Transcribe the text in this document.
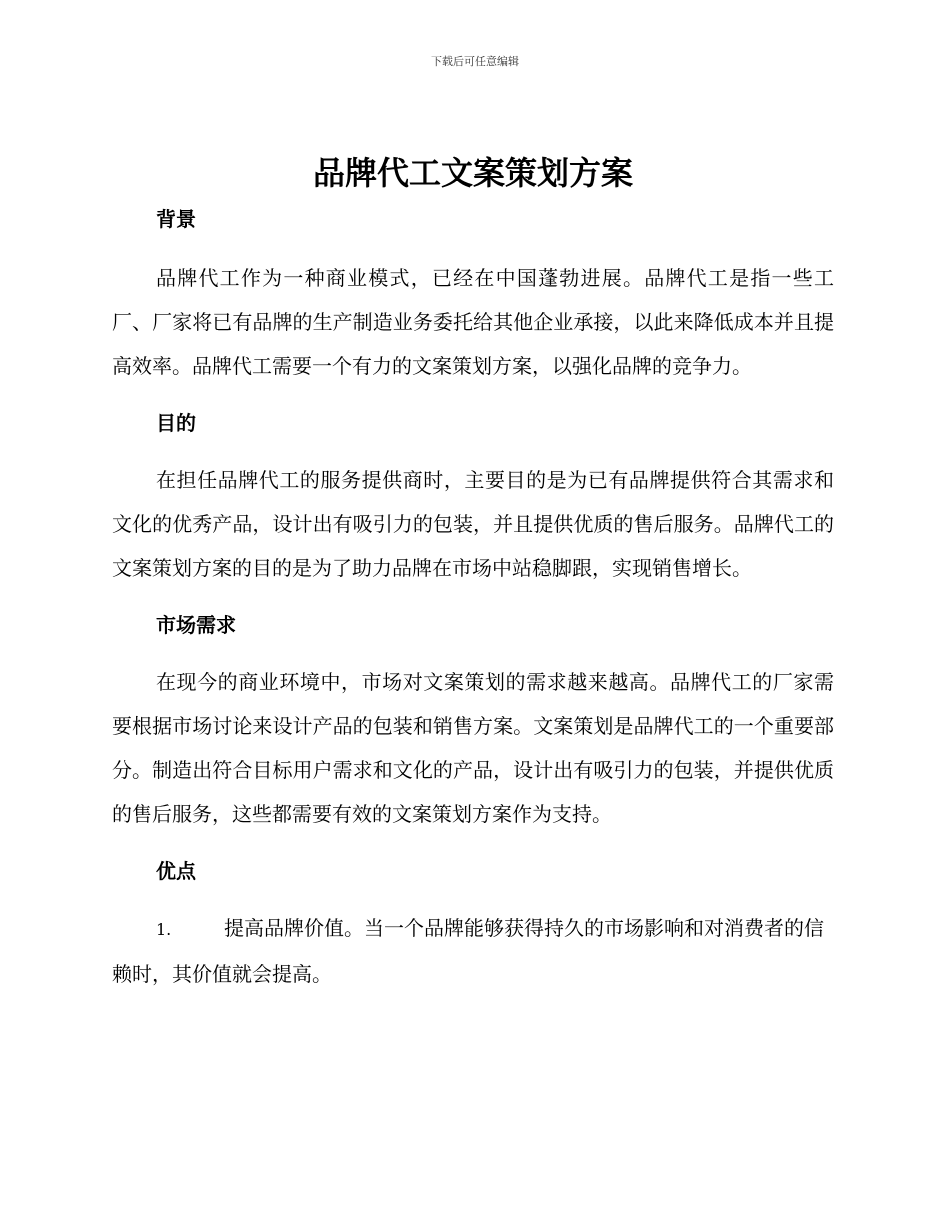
下载后可任意编辑
品牌代工文案策划方案
背景

品牌代工作为一种商业模式，已经在中国蓬勃进展。品牌代工是指一些工厂、厂家将已有品牌的生产制造业务委托给其他企业承接，以此来降低成本并且提高效率。品牌代工需要一个有力的文案策划方案，以强化品牌的竞争力。

目的

在担任品牌代工的服务提供商时，主要目的是为已有品牌提供符合其需求和文化的优秀产品，设计出有吸引力的包装，并且提供优质的售后服务。品牌代工的文案策划方案的目的是为了助力品牌在市场中站稳脚跟，实现销售增长。

市场需求

在现今的商业环境中，市场对文案策划的需求越来越高。品牌代工的厂家需要根据市场讨论来设计产品的包装和销售方案。文案策划是品牌代工的一个重要部分。制造出符合目标用户需求和文化的产品，设计出有吸引力的包装，并提供优质的售后服务，这些都需要有效的文案策划方案作为支持。

优点

1.	提高品牌价值。当一个品牌能够获得持久的市场影响和对消费者的信赖时，其价值就会提高。
